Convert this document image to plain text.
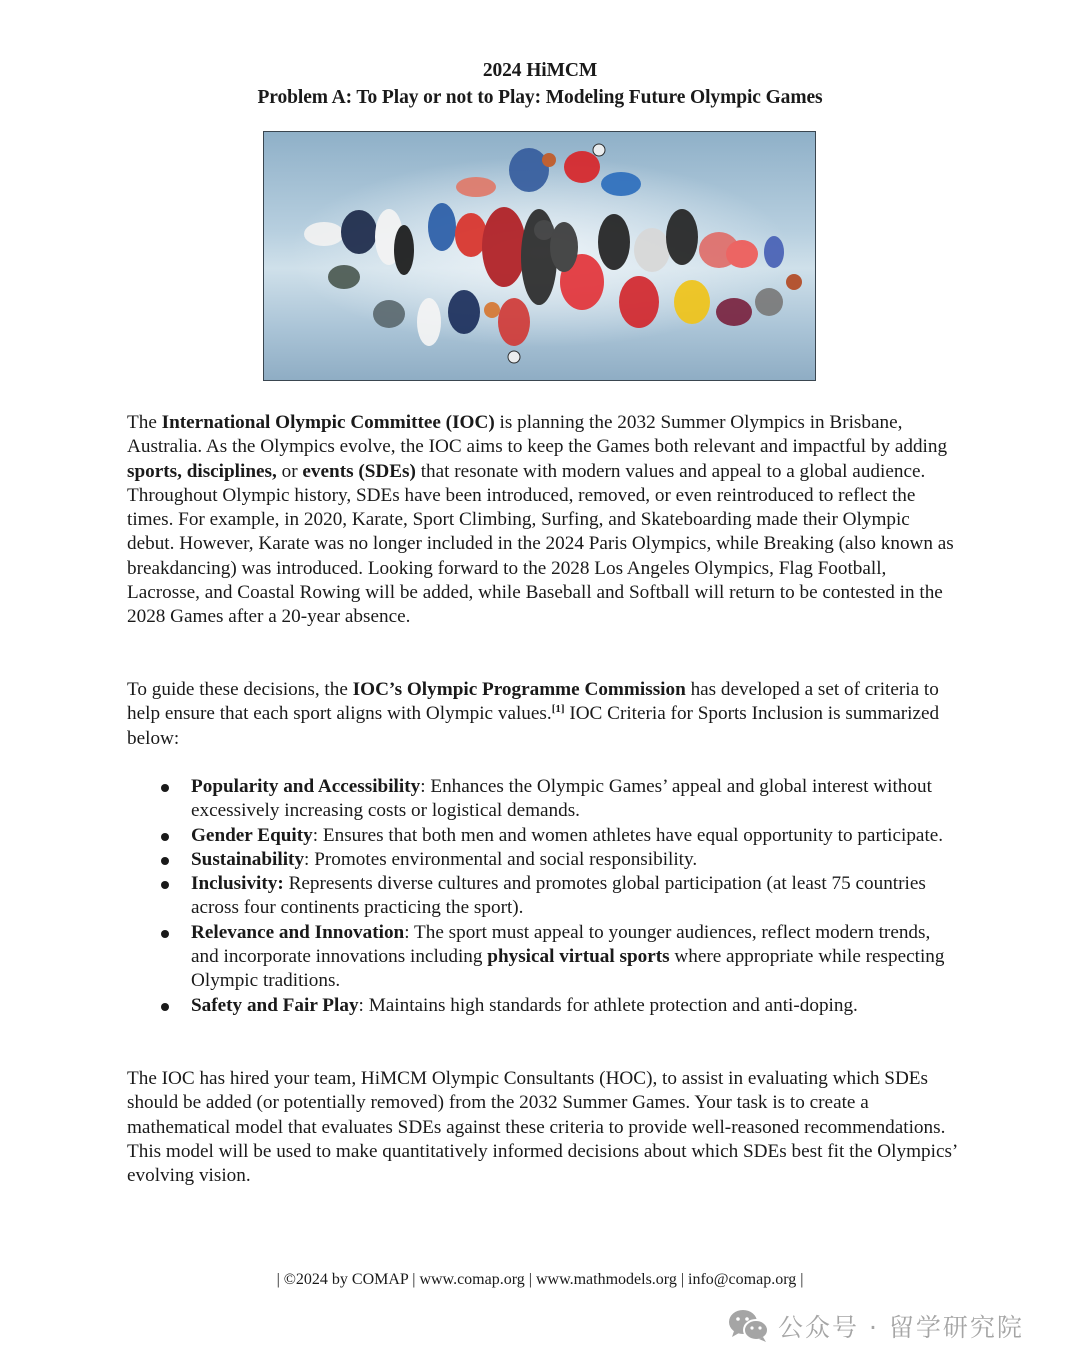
2024 HiMCM
Problem A: To Play or not to Play: Modeling Future Olympic Games
The International Olympic Committee (IOC) is planning the 2032 Summer Olympics in Brisbane, Australia. As the Olympics evolve, the IOC aims to keep the Games both relevant and impactful by adding sports, disciplines, or events (SDEs) that resonate with modern values and appeal to a global audience. Throughout Olympic history, SDEs have been introduced, removed, or even reintroduced to reflect the times. For example, in 2020, Karate, Sport Climbing, Surfing, and Skateboarding made their Olympic debut. However, Karate was no longer included in the 2024 Paris Olympics, while Breaking (also known as breakdancing) was introduced. Looking forward to the 2028 Los Angeles Olympics, Flag Football, Lacrosse, and Coastal Rowing will be added, while Baseball and Softball will return to be contested in the 2028 Games after a 20-year absence.
To guide these decisions, the IOC’s Olympic Programme Commission has developed a set of criteria to help ensure that each sport aligns with Olympic values.[1] IOC Criteria for Sports Inclusion is summarized below:
Popularity and Accessibility: Enhances the Olympic Games’ appeal and global interest without excessively increasing costs or logistical demands.
Gender Equity: Ensures that both men and women athletes have equal opportunity to participate.
Sustainability: Promotes environmental and social responsibility.
Inclusivity: Represents diverse cultures and promotes global participation (at least 75 countries across four continents practicing the sport).
Relevance and Innovation: The sport must appeal to younger audiences, reflect modern trends, and incorporate innovations including physical virtual sports where appropriate while respecting Olympic traditions.
Safety and Fair Play: Maintains high standards for athlete protection and anti-doping.
The IOC has hired your team, HiMCM Olympic Consultants (HOC), to assist in evaluating which SDEs should be added (or potentially removed) from the 2032 Summer Games. Your task is to create a mathematical model that evaluates SDEs against these criteria to provide well-reasoned recommendations. This model will be used to make quantitatively informed decisions about which SDEs best fit the Olympics’ evolving vision.
| ©2024 by COMAP | www.comap.org | www.mathmodels.org | info@comap.org |
公众号 · 留学研究院
